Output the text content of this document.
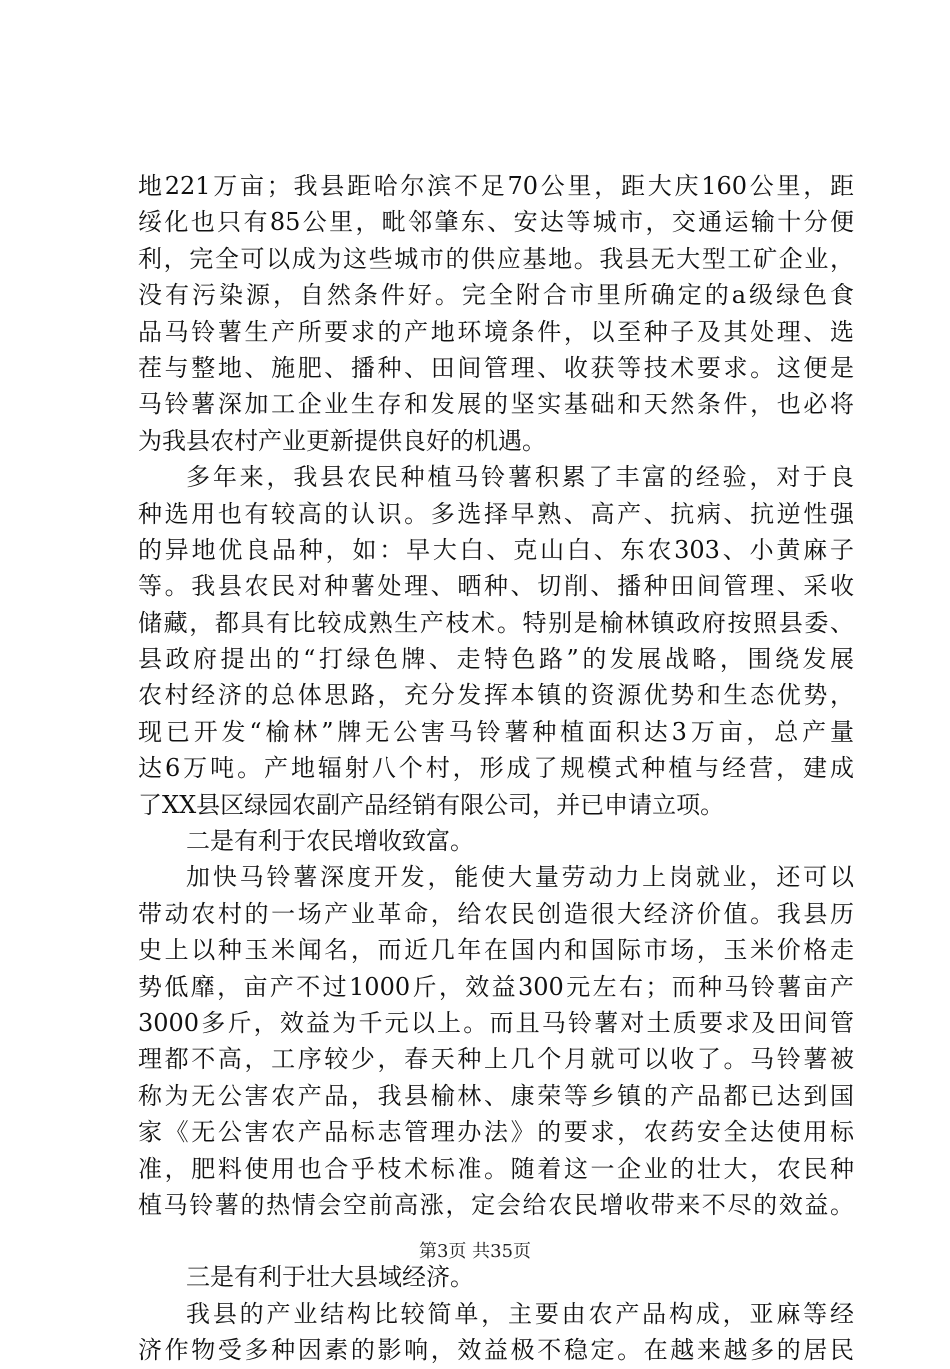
地221万亩；我县距哈尔滨不足70公里，距大庆160公里，距
绥化也只有85公里，毗邻肇东、安达等城市，交通运输十分便
利，完全可以成为这些城市的供应基地。我县无大型工矿企业，
没有污染源，自然条件好。完全附合市里所确定的a级绿色食
品马铃薯生产所要求的产地环境条件，以至种子及其处理、选
茬与整地、施肥、播种、田间管理、收获等技术要求。这便是
马铃薯深加工企业生存和发展的坚实基础和天然条件，也必将
为我县农村产业更新提供良好的机遇。
多年来，我县农民种植马铃薯积累了丰富的经验，对于良
种选用也有较高的认识。多选择早熟、高产、抗病、抗逆性强
的异地优良品种，如：早大白、克山白、东农303、小黄麻子
等。我县农民对种薯处理、晒种、切削、播种田间管理、采收
储藏，都具有比较成熟生产枝术。特别是榆林镇政府按照县委、
县政府提出的“打绿色牌、走特色路”的发展战略，围绕发展
农村经济的总体思路，充分发挥本镇的资源优势和生态优势，
现已开发“榆林”牌无公害马铃薯种植面积达3万亩，总产量
达6万吨。产地辐射八个村，形成了规模式种植与经营，建成
了XX县区绿园农副产品经销有限公司，并已申请立项。
二是有利于农民增收致富。
加快马铃薯深度开发，能使大量劳动力上岗就业，还可以
带动农村的一场产业革命，给农民创造很大经济价值。我县历
史上以种玉米闻名，而近几年在国内和国际市场，玉米价格走
势低靡，亩产不过1000斤，效益300元左右；而种马铃薯亩产
3000多斤，效益为千元以上。而且马铃薯对土质要求及田间管
理都不高，工序较少，春天种上几个月就可以收了。马铃薯被
称为无公害农产品，我县榆林、康荣等乡镇的产品都已达到国
家《无公害农产品标志管理办法》的要求，农药安全达使用标
准，肥料使用也合乎枝术标准。随着这一企业的壮大，农民种
植马铃薯的热情会空前高涨，定会给农民增收带来不尽的效益。
三是有利于壮大县域经济。
我县的产业结构比较简单，主要由农产品构成，亚麻等经
济作物受多种因素的影响，效益极不稳定。在越来越多的居民
第3页 共35页
